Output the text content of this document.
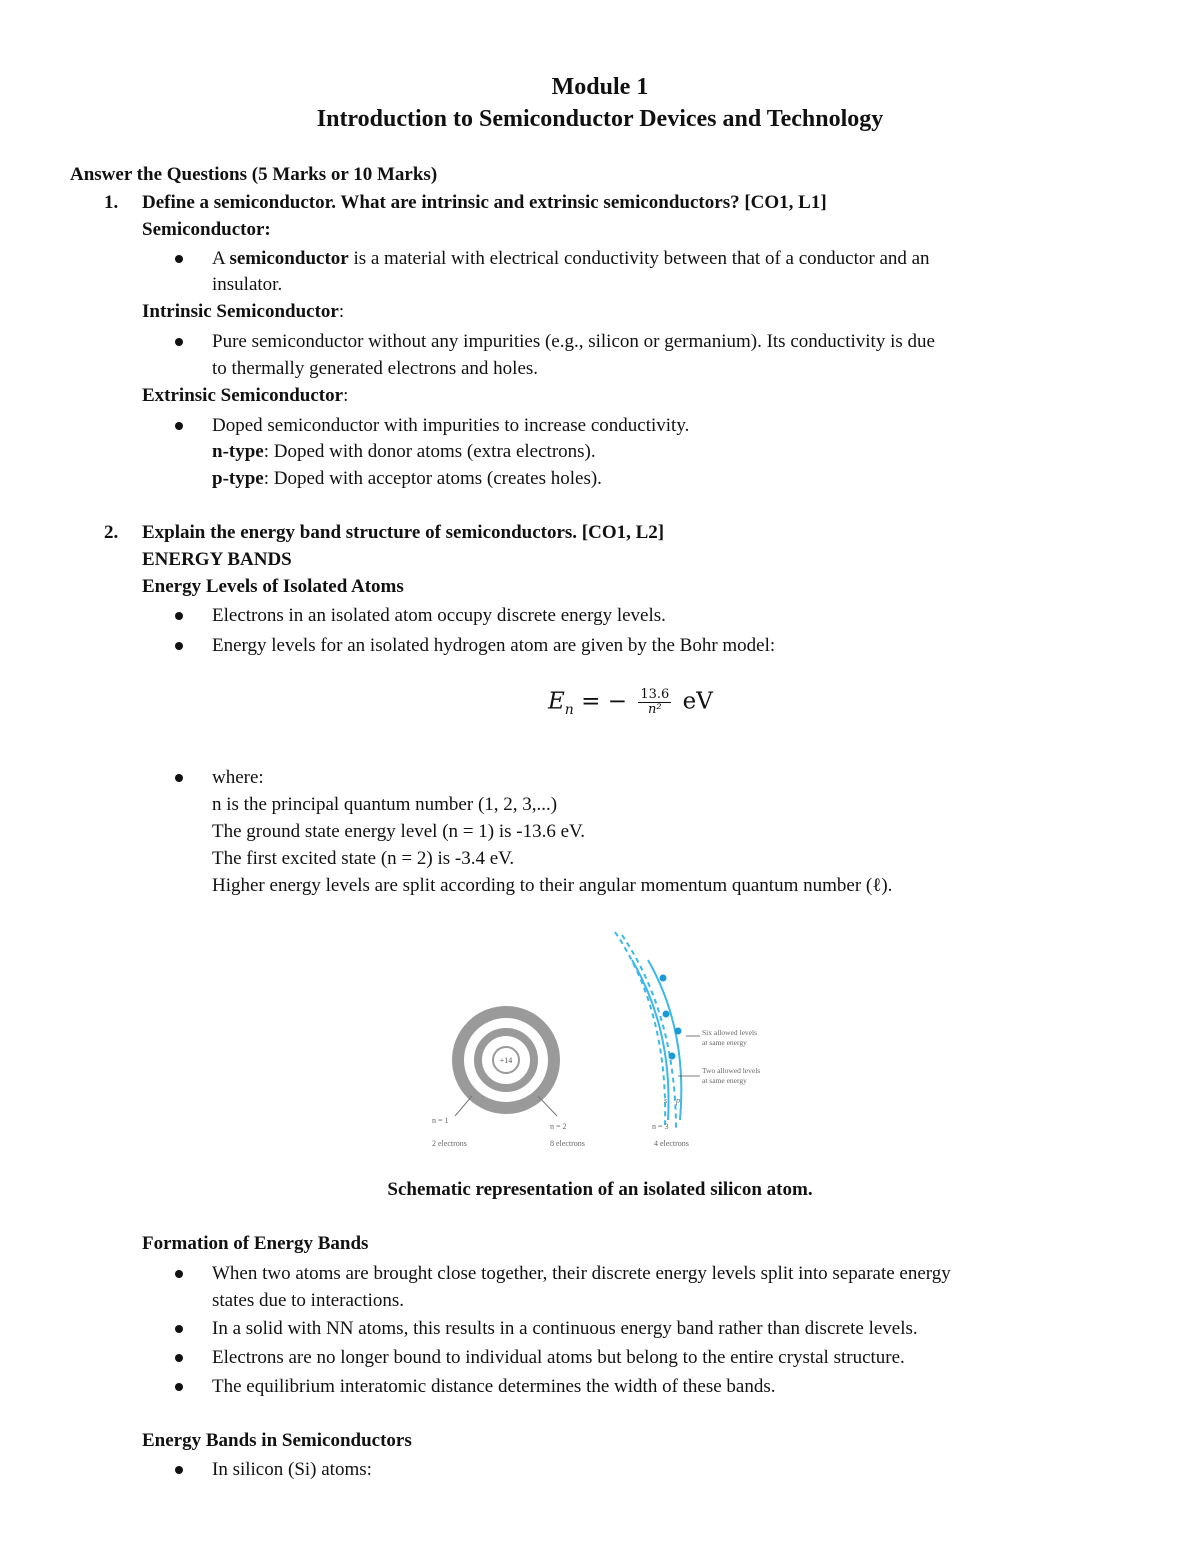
Module 1
Introduction to Semiconductor Devices and Technology
Answer the Questions (5 Marks or 10 Marks)
1. Define a semiconductor. What are intrinsic and extrinsic semiconductors? [CO1, L1]
Semiconductor:
A semiconductor is a material with electrical conductivity between that of a conductor and an
insulator.
Intrinsic Semiconductor:
Pure semiconductor without any impurities (e.g., silicon or germanium). Its conductivity is due
to thermally generated electrons and holes.
Extrinsic Semiconductor:
Doped semiconductor with impurities to increase conductivity.
n-type: Doped with donor atoms (extra electrons).
p-type: Doped with acceptor atoms (creates holes).
2. Explain the energy band structure of semiconductors. [CO1, L2]
ENERGY BANDS
Energy Levels of Isolated Atoms
Electrons in an isolated atom occupy discrete energy levels.
Energy levels for an isolated hydrogen atom are given by the Bohr model:
$E_n$ = − $\frac{13.6}{\text{n²}}$ eV
where:
n is the principal quantum number (1, 2, 3,...)
The ground state energy level (n = 1) is -13.6 eV.
The first excited state (n = 2) is -3.4 eV.
Higher energy levels are split according to their angular momentum quantum number (ℓ).
+14
Six allowed levels
at same energy
Two allowed levels
at same energy
s p
n = 1
n = 2	n = 3
2 electrons	8 electrons	4 electrons
Schematic representation of an isolated silicon atom.
Formation of Energy Bands
When two atoms are brought close together, their discrete energy levels split into separate energy
states due to interactions.
In a solid with NN atoms, this results in a continuous energy band rather than discrete levels.
Electrons are no longer bound to individual atoms but belong to the entire crystal structure.
The equilibrium interatomic distance determines the width of these bands.
Energy Bands in Semiconductors
In silicon (Si) atoms:
